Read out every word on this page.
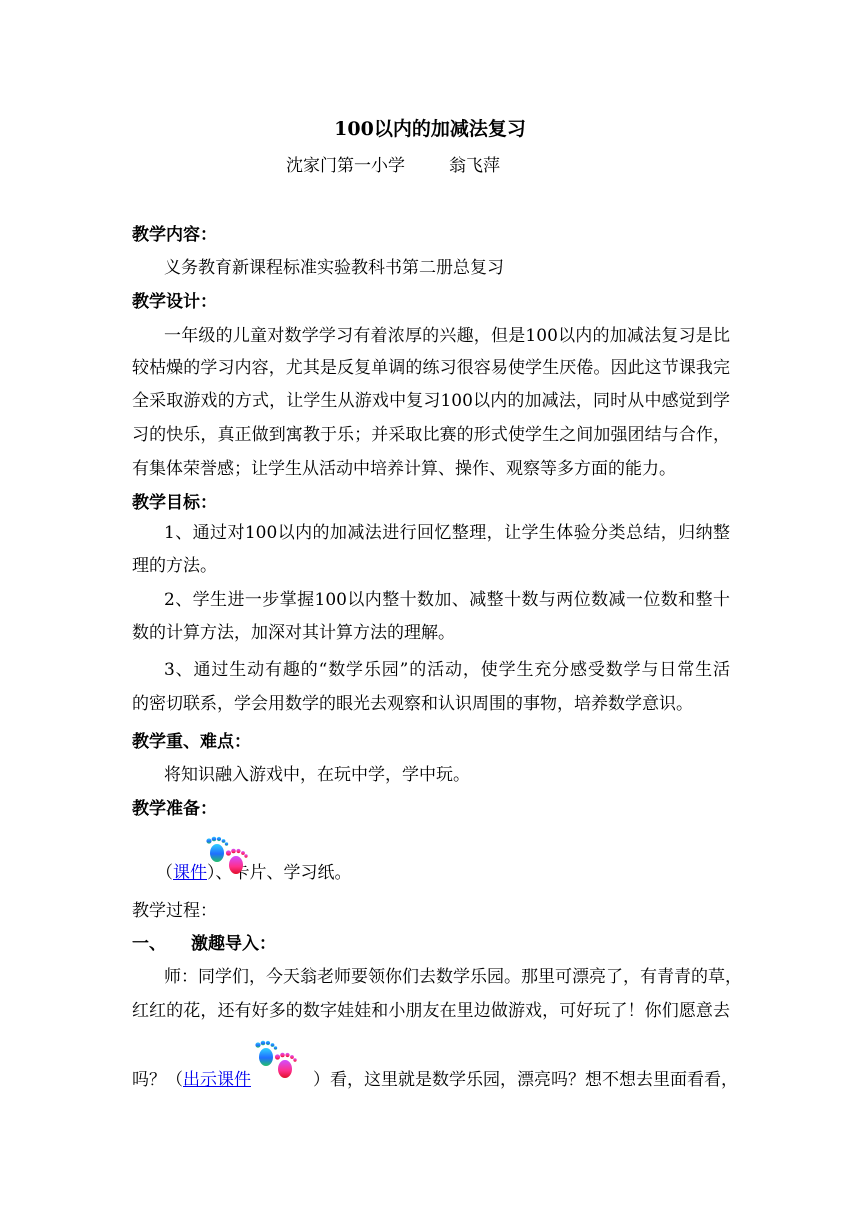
100以内的加减法复习
沈家门第一小学	翁飞萍
教学内容：
义务教育新课程标准实验教科书第二册总复习
教学设计：
一年级的儿童对数学学习有着浓厚的兴趣，但是100以内的加减法复习是比
较枯燥的学习内容，尤其是反复单调的练习很容易使学生厌倦。因此这节课我完
全采取游戏的方式，让学生从游戏中复习100以内的加减法，同时从中感觉到学
习的快乐，真正做到寓教于乐；并采取比赛的形式使学生之间加强团结与合作，
有集体荣誉感；让学生从活动中培养计算、操作、观察等多方面的能力。
教学目标：
1、通过对100以内的加减法进行回忆整理，让学生体验分类总结，归纳整
理的方法。
2、学生进一步掌握100以内整十数加、减整十数与两位数减一位数和整十
数的计算方法，加深对其计算方法的理解。
3、通过生动有趣的“数学乐园”的活动，使学生充分感受数学与日常生活
的密切联系，学会用数学的眼光去观察和认识周围的事物，培养数学意识。
教学重、难点：
将知识融入游戏中，在玩中学，学中玩。
教学准备：
（课件）、卡片、学习纸。
教学过程：
一、 激趣导入：
师：同学们，今天翁老师要领你们去数学乐园。那里可漂亮了，有青青的草，
红红的花，还有好多的数字娃娃和小朋友在里边做游戏，可好玩了！你们愿意去
吗？（出示课件	）看，这里就是数学乐园，漂亮吗？想不想去里面看看，
